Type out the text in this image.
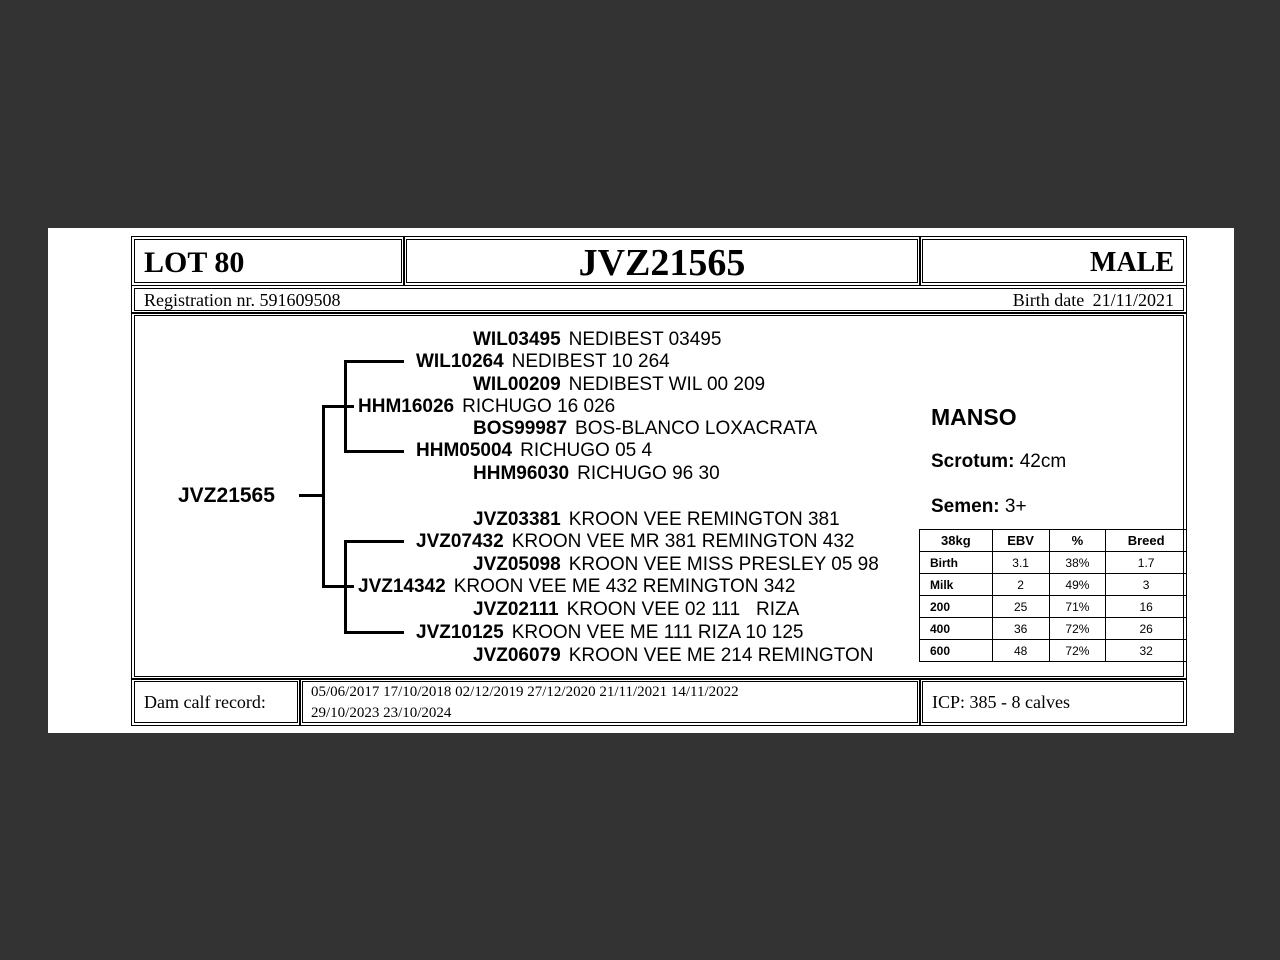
LOT 80	JVZ21565	MALE
Registration nr. 591609508	Birth date 21/11/2021
JVZ21565
WIL03495 NEDIBEST 03495
WIL10264 NEDIBEST 10 264
WIL00209 NEDIBEST WIL 00 209
HHM16026 RICHUGO 16 026
BOS99987 BOS-BLANCO LOXACRATA
HHM05004 RICHUGO 05 4
HHM96030 RICHUGO 96 30
JVZ03381 KROON VEE REMINGTON 381
JVZ07432 KROON VEE MR 381 REMINGTON 432
JVZ05098 KROON VEE MISS PRESLEY 05 98
JVZ14342 KROON VEE ME 432 REMINGTON 342
JVZ02111 KROON VEE 02 111   RIZA
JVZ10125 KROON VEE ME 111 RIZA 10 125
JVZ06079 KROON VEE ME 214 REMINGTON
MANSO
Scrotum: 42cm
Semen: 3+
38kg	EBV	%	Breed
Birth	3.1	38%	1.7
Milk	2	49%	3
200	25	71%	16
400	36	72%	26
600	48	72%	32
Dam calf record:	05/06/2017 17/10/2018 02/12/2019 27/12/2020 21/11/2021 14/11/2022
29/10/2023 23/10/2024
ICP: 385 - 8 calves
